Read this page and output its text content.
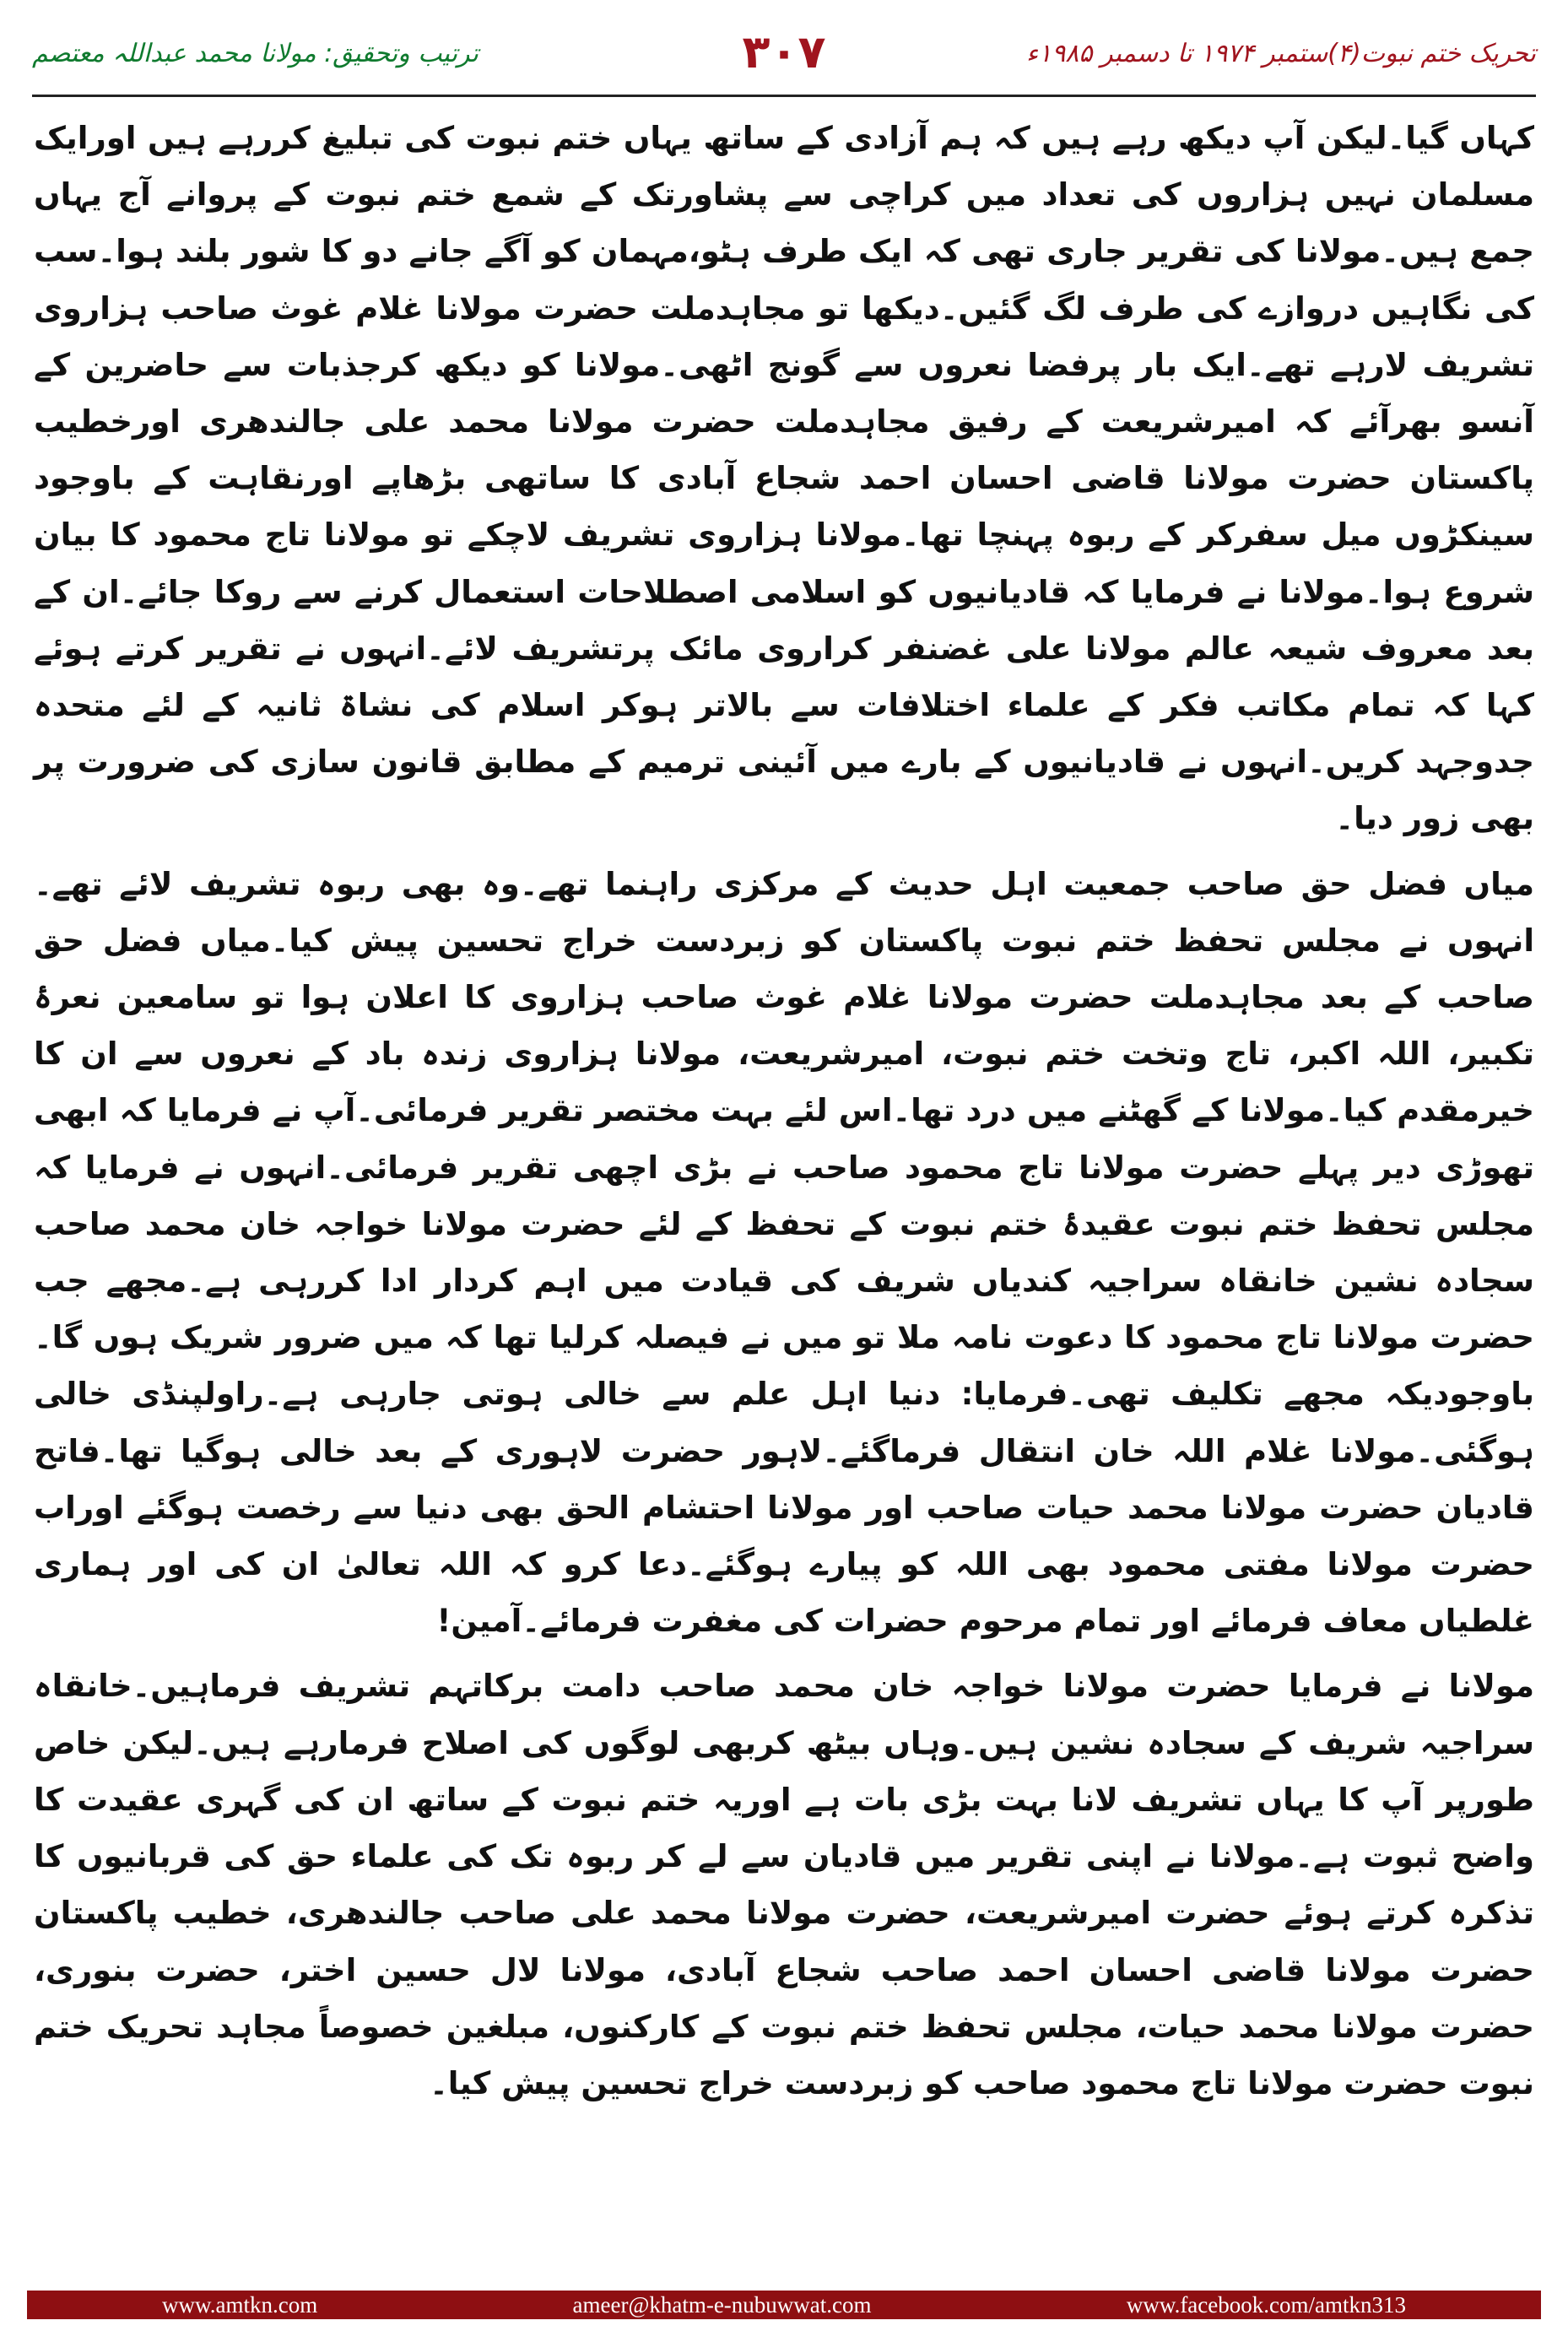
تحریک ختم نبوت(۴)ستمبر ۱۹۷۴ تا دسمبر ۱۹۸۵ء
۳۰۷
ترتیب وتحقیق: مولانا محمد عبداللہ معتصم

کہاں گیا۔لیکن آپ دیکھ رہے ہیں کہ ہم آزادی کے ساتھ یہاں ختم نبوت کی تبلیغ کررہے ہیں اورایک مسلمان نہیں ہزاروں کی تعداد میں کراچی سے پشاورتک کے شمع ختم نبوت کے پروانے آج یہاں جمع ہیں۔مولانا کی تقریر جاری تھی کہ ایک طرف ہٹو،مہمان کو آگے جانے دو کا شور بلند ہوا۔سب کی نگاہیں دروازے کی طرف لگ گئیں۔دیکھا تو مجاہدملت حضرت مولانا غلام غوث صاحب ہزاروی تشریف لارہے تھے۔ایک بار پرفضا نعروں سے گونج اٹھی۔مولانا کو دیکھ کرجذبات سے حاضرین کے آنسو بھرآئے کہ امیرشریعت کے رفیق مجاہدملت حضرت مولانا محمد علی جالندھری اورخطیب پاکستان حضرت مولانا قاضی احسان احمد شجاع آبادی کا ساتھی بڑھاپے اورنقاہت کے باوجود سینکڑوں میل سفرکر کے ربوہ پہنچا تھا۔مولانا ہزاروی تشریف لاچکے تو مولانا تاج محمود کا بیان شروع ہوا۔مولانا نے فرمایا کہ قادیانیوں کو اسلامی اصطلاحات استعمال کرنے سے روکا جائے۔ان کے بعد معروف شیعہ عالم مولانا علی غضنفر کراروی مائک پرتشریف لائے۔انہوں نے تقریر کرتے ہوئے کہا کہ تمام مکاتب فکر کے علماء اختلافات سے بالاتر ہوکر اسلام کی نشاۃ ثانیہ کے لئے متحدہ جدوجہد کریں۔انہوں نے قادیانیوں کے بارے میں آئینی ترمیم کے مطابق قانون سازی کی ضرورت پر بھی زور دیا۔

میاں فضل حق صاحب جمعیت اہل حدیث کے مرکزی راہنما تھے۔وہ بھی ربوہ تشریف لائے تھے۔انہوں نے مجلس تحفظ ختم نبوت پاکستان کو زبردست خراج تحسین پیش کیا۔میاں فضل حق صاحب کے بعد مجاہدملت حضرت مولانا غلام غوث صاحب ہزاروی کا اعلان ہوا تو سامعین نعرۂ تکبیر، اللہ اکبر، تاج وتخت ختم نبوت، امیرشریعت، مولانا ہزاروی زندہ باد کے نعروں سے ان کا خیرمقدم کیا۔مولانا کے گھٹنے میں درد تھا۔اس لئے بہت مختصر تقریر فرمائی۔آپ نے فرمایا کہ ابھی تھوڑی دیر پہلے حضرت مولانا تاج محمود صاحب نے بڑی اچھی تقریر فرمائی۔انہوں نے فرمایا کہ مجلس تحفظ ختم نبوت عقیدۂ ختم نبوت کے تحفظ کے لئے حضرت مولانا خواجہ خان محمد صاحب سجادہ نشین خانقاہ سراجیہ کندیاں شریف کی قیادت میں اہم کردار ادا کررہی ہے۔مجھے جب حضرت مولانا تاج محمود کا دعوت نامہ ملا تو میں نے فیصلہ کرلیا تھا کہ میں ضرور شریک ہوں گا۔باوجودیکہ مجھے تکلیف تھی۔فرمایا: دنیا اہل علم سے خالی ہوتی جارہی ہے۔راولپنڈی خالی ہوگئی۔مولانا غلام اللہ خان انتقال فرماگئے۔لاہور حضرت لاہوری کے بعد خالی ہوگیا تھا۔فاتح قادیان حضرت مولانا محمد حیات صاحب اور مولانا احتشام الحق بھی دنیا سے رخصت ہوگئے اوراب حضرت مولانا مفتی محمود بھی اللہ کو پیارے ہوگئے۔دعا کرو کہ اللہ تعالیٰ ان کی اور ہماری غلطیاں معاف فرمائے اور تمام مرحوم حضرات کی مغفرت فرمائے۔آمین!

مولانا نے فرمایا حضرت مولانا خواجہ خان محمد صاحب دامت برکاتہم تشریف فرماہیں۔خانقاہ سراجیہ شریف کے سجادہ نشین ہیں۔وہاں بیٹھ کربھی لوگوں کی اصلاح فرمارہے ہیں۔لیکن خاص طورپر آپ کا یہاں تشریف لانا بہت بڑی بات ہے اوریہ ختم نبوت کے ساتھ ان کی گہری عقیدت کا واضح ثبوت ہے۔مولانا نے اپنی تقریر میں قادیان سے لے کر ربوہ تک کی علماء حق کی قربانیوں کا تذکرہ کرتے ہوئے حضرت امیرشریعت، حضرت مولانا محمد علی صاحب جالندھری، خطیب پاکستان حضرت مولانا قاضی احسان احمد صاحب شجاع آبادی، مولانا لال حسین اختر، حضرت بنوری، حضرت مولانا محمد حیات، مجلس تحفظ ختم نبوت کے کارکنوں، مبلغین خصوصاً مجاہد تحریک ختم نبوت حضرت مولانا تاج محمود صاحب کو زبردست خراج تحسین پیش کیا۔

www.amtkn.com	ameer@khatm-e-nubuwwat.com	www.facebook.com/amtkn313
